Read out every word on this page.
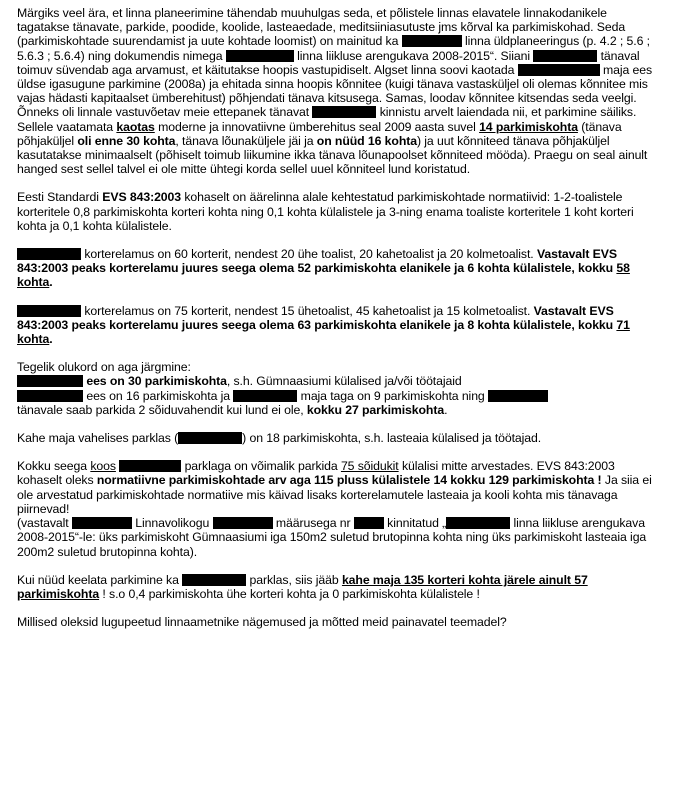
Märgiks veel ära, et linna planeerimine tähendab muuhulgas seda, et põlistele linnas elavatele linnakodanikele tagatakse tänavate, parkide, poodide, koolide, lasteaedade, meditsiiniasutuste jms kõrval ka parkimiskohad. Seda (parkimiskohtade suurendamist ja uute kohtade loomist) on mainitud ka	linna üldplaneeringus (p. 4.2 ; 5.6 ; 5.6.3 ; 5.6.4) ning dokumendis nimega	linna liikluse arengukava 2008-2015“. Siiani	tänaval toimuv süvendab aga arvamust, et käitutakse hoopis vastupidiselt. Algset linna soovi kaotada	maja ees üldse igasugune parkimine (2008a) ja ehitada sinna hoopis kõnnitee (kuigi tänava vastasküljel oli olemas kõnnitee mis vajas hädasti kapitaalset ümberehitust) põhjendati tänava kitsusega. Samas, loodav kõnnitee kitsendas seda veelgi. Õnneks oli linnale vastuvõetav meie ettepanek tänavat	kinnistu arvelt laiendada nii, et parkimine säiliks. Sellele vaatamata kaotas moderne ja innovatiivne ümberehitus seal 2009 aasta suvel 14 parkimiskohta (tänava põhjaküljel oli enne 30 kohta, tänava lõunaküljele jäi ja on nüüd 16 kohta) ja uut kõnniteed tänava põhjaküljel kasutatakse minimaalselt (põhiselt toimub liikumine ikka tänava lõunapoolset kõnniteed mööda). Praegu on seal ainult hanged sest sellel talvel ei ole mitte ühtegi korda sellel uuel kõnniteel lund koristatud.

Eesti Standardi EVS 843:2003 kohaselt on äärelinna alale kehtestatud parkimiskohtade normatiivid: 1-2-toalistele korteritele 0,8 parkimiskohta korteri kohta ning 0,1 kohta külalistele ja 3-ning enama toaliste korteritele 1 koht korteri kohta ja 0,1 kohta külalistele.

korterelamus on 60 korterit, nendest 20 ühe toalist, 20 kahetoalist ja 20 kolmetoalist. Vastavalt EVS 843:2003 peaks korterelamu juures seega olema 52 parkimiskohta elanikele ja 6 kohta külalistele, kokku 58 kohta.

korterelamus on 75 korterit, nendest 15 ühetoalist, 45 kahetoalist ja 15 kolmetoalist. Vastavalt EVS 843:2003 peaks korterelamu juures seega olema 63 parkimiskohta elanikele ja 8 kohta külalistele, kokku 71 kohta.

Tegelik olukord on aga järgmine:
ees on 30 parkimiskohta, s.h. Gümnaasiumi külalised ja/või töötajaid
ees on 16 parkimiskohta ja	maja taga on 9 parkimiskohta ning
tänavale saab parkida 2 sõiduvahendit kui lund ei ole, kokku 27 parkimiskohta.

Kahe maja vahelises parklas (	) on 18 parkimiskohta, s.h. lasteaia külalised ja töötajad.

Kokku seega koos	parklaga on võimalik parkida 75 sõidukit külalisi mitte arvestades. EVS 843:2003 kohaselt oleks normatiivne parkimiskohtade arv aga 115 pluss külalistele 14 kokku 129 parkimiskohta ! Ja siia ei ole arvestatud parkimiskohtade normatiive mis käivad lisaks korterelamutele lasteaia ja kooli kohta mis tänavaga piirnevad!
(vastavalt	Linnavolikogu	määrusega nr	kinnitatud „	linna liikluse arengukava 2008-2015“-le: üks parkimiskoht Gümnaasiumi iga 150m2 suletud brutopinna kohta ning üks parkimiskoht lasteaia iga 200m2 suletud brutopinna kohta).

Kui nüüd keelata parkimine ka	parklas, siis jääb kahe maja 135 korteri kohta järele ainult 57 parkimiskohta ! s.o 0,4 parkimiskohta ühe korteri kohta ja 0 parkimiskohta külalistele !

Millised oleksid lugupeetud linnaametnike nägemused ja mõtted meid painavatel teemadel?
